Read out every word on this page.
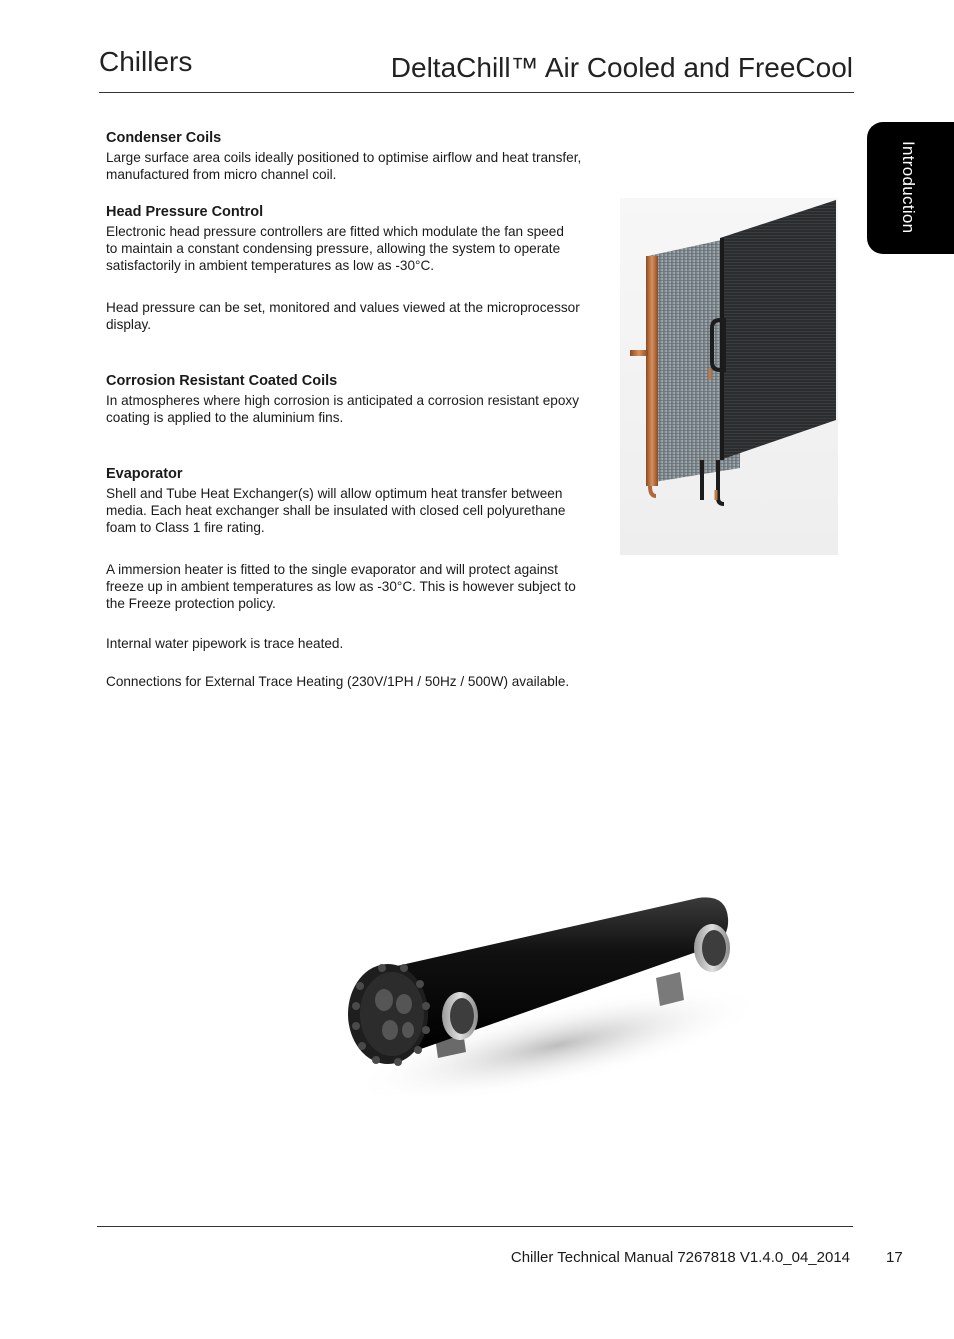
Chillers	DeltaChill™ Air Cooled and FreeCool
Introduction
Condenser Coils

Large surface area coils ideally positioned to optimise airflow and heat transfer,

manufactured from micro channel coil.

Head Pressure Control

Electronic head pressure controllers are fitted which modulate the fan speed

to maintain a constant condensing pressure, allowing the system to operate

satisfactorily in ambient temperatures as low as -30°C.

Head pressure can be set, monitored and values viewed at the microprocessor

display.

Corrosion Resistant Coated Coils

In atmospheres where high corrosion is anticipated a corrosion resistant epoxy

coating is applied to the aluminium fins.

Evaporator

Shell and Tube Heat Exchanger(s) will allow optimum heat transfer between

media. Each heat exchanger shall be insulated with closed cell polyurethane

foam to Class 1 fire rating.

A immersion heater is fitted to the single evaporator and will protect against

freeze up in ambient temperatures as low as -30°C. This is however subject to

the Freeze protection policy.

Internal water pipework is trace heated.

Connections for External Trace Heating (230V/1PH / 50Hz / 500W) available.

Chiller Technical Manual 7267818 V1.4.0_04_2014 17
